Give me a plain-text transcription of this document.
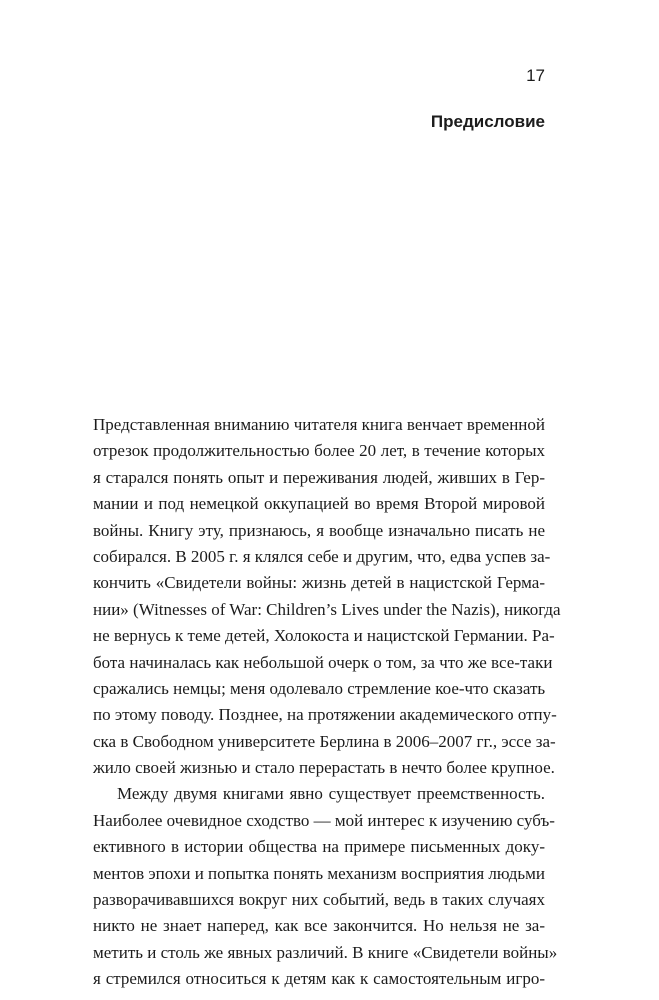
17
Предисловие
Представленная вниманию читателя книга венчает временной
отрезок продолжительностью более 20 лет, в течение которых
я старался понять опыт и переживания людей, живших в Гер-
мании и под немецкой оккупацией во время Второй мировой
войны. Книгу эту, признаюсь, я вообще изначально писать не
собирался. В 2005 г. я клялся себе и другим, что, едва успев за-
кончить «Свидетели войны: жизнь детей в нацистской Герма-
нии» (Witnesses of War: Children’s Lives under the Nazis), никогда
не вернусь к теме детей, Холокоста и нацистской Германии. Ра-
бота начиналась как небольшой очерк о том, за что же все-таки
сражались немцы; меня одолевало стремление кое-что сказать
по этому поводу. Позднее, на протяжении академического отпу-
ска в Свободном университете Берлина в 2006–2007 гг., эссе за-
жило своей жизнью и стало перерастать в нечто более крупное.
Между двумя книгами явно существует преемственность.
Наиболее очевидное сходство — мой интерес к изучению субъ-
ективного в истории общества на примере письменных доку-
ментов эпохи и попытка понять механизм восприятия людьми
разворачивавшихся вокруг них событий, ведь в таких случаях
никто не знает наперед, как все закончится. Но нельзя не за-
метить и столь же явных различий. В книге «Свидетели войны»
я стремился относиться к детям как к самостоятельным игро-
